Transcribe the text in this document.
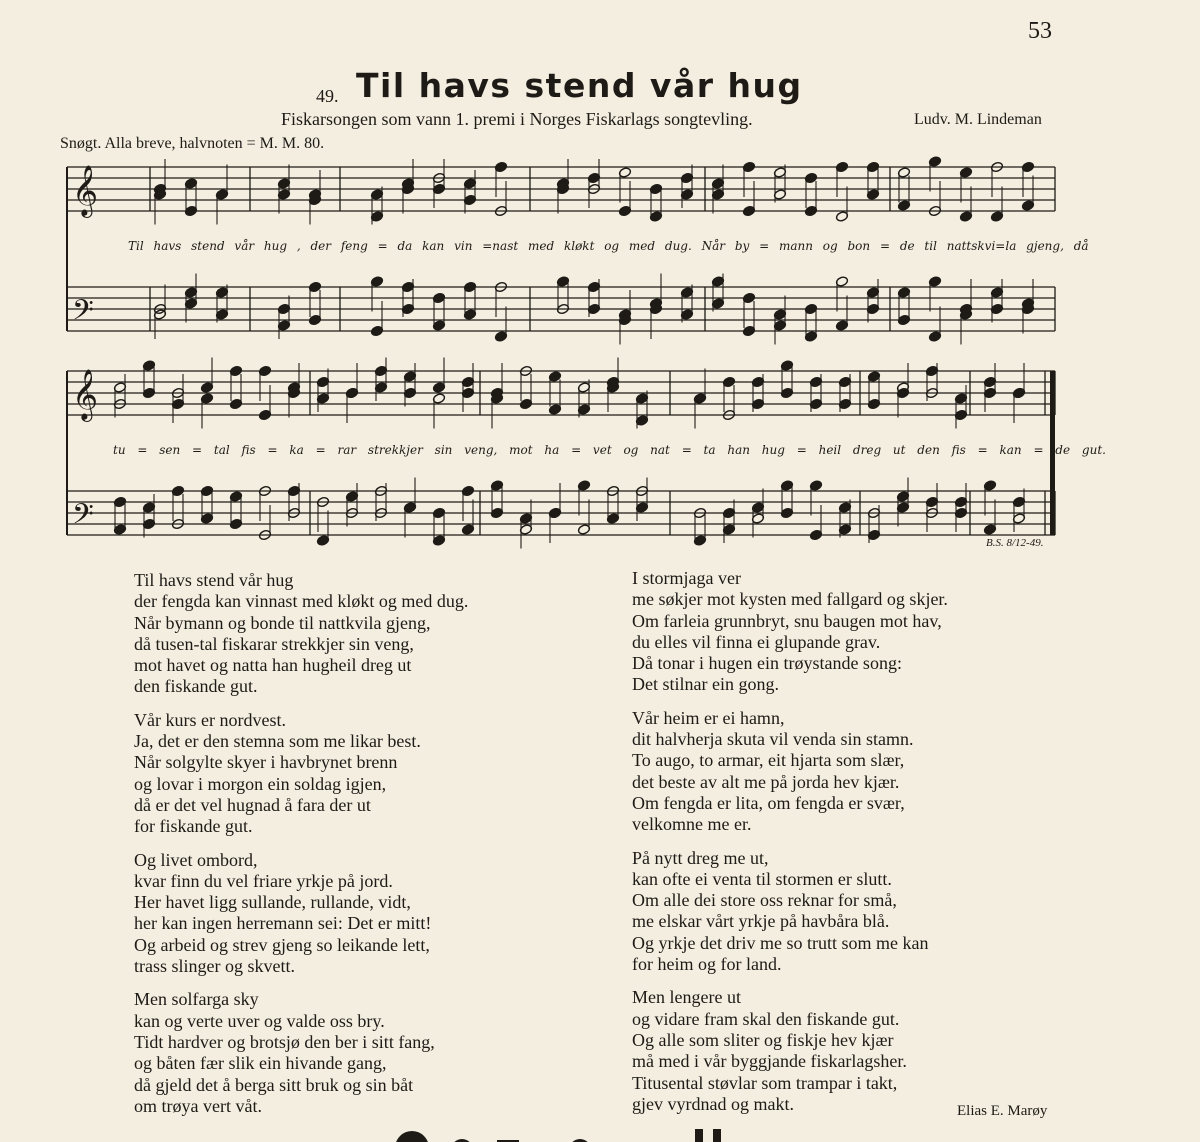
53
49. Til havs stend vår hug
Fiskarsongen som vann 1. premi i Norges Fiskarlags songtevling.	Ludv. M. Lindeman
Snøgt. Alla breve, halvnoten = M. M. 80.
𝄞
𝄢
𝄞
𝄢
Til havs stend vår hug , der feng = da kan vin =nast med kløkt og med dug. Når by = mann og bon = de til nattskvi=la gjeng, då
tu = sen = tal fis = ka = rar strekkjer sin veng, mot ha = vet og nat = ta han hug = heil dreg ut den fis = kan = de gut.
B.S. 8/12-49.
Til havs stend vår hug
der fengda kan vinnast med kløkt og med dug.
Når bymann og bonde til nattkvila gjeng,
då tusen-tal fiskarar strekkjer sin veng,
mot havet og natta han hugheil dreg ut
den fiskande gut.
Vår kurs er nordvest.
Ja, det er den stemna som me likar best.
Når solgylte skyer i havbrynet brenn
og lovar i morgon ein soldag igjen,
då er det vel hugnad å fara der ut
for fiskande gut.
Og livet ombord,
kvar finn du vel friare yrkje på jord.
Her havet ligg sullande, rullande, vidt,
her kan ingen herremann sei: Det er mitt!
Og arbeid og strev gjeng so leikande lett,
trass slinger og skvett.
Men solfarga sky
kan og verte uver og valde oss bry.
Tidt hardver og brotsjø den ber i sitt fang,
og båten fær slik ein hivande gang,
då gjeld det å berga sitt bruk og sin båt
om trøya vert våt.
I stormjaga ver
me søkjer mot kysten med fallgard og skjer.
Om farleia grunnbryt, snu baugen mot hav,
du elles vil finna ei glupande grav.
Då tonar i hugen ein trøystande song:
Det stilnar ein gong.
Vår heim er ei hamn,
dit halvherja skuta vil venda sin stamn.
To augo, to armar, eit hjarta som slær,
det beste av alt me på jorda hev kjær.
Om fengda er lita, om fengda er svær,
velkomne me er.
På nytt dreg me ut,
kan ofte ei venta til stormen er slutt.
Om alle dei store oss reknar for små,
me elskar vårt yrkje på havbåra blå.
Og yrkje det driv me so trutt som me kan
for heim og for land.
Men lengere ut
og vidare fram skal den fiskande gut.
Og alle som sliter og fiskje hev kjær
må med i vår byggjande fiskarlagsher.
Titusental støvlar som trampar i takt,
gjev vyrdnad og makt.	Elias E. Marøy
